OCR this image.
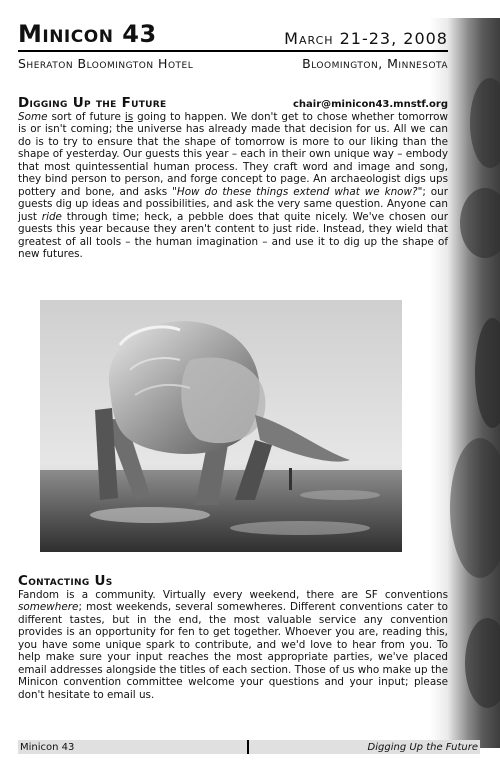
Minicon 43	March 21-23, 2008
Sheraton Bloomington Hotel	Bloomington, Minnesota
Digging Up the Future	chair@minicon43.mnstf.org
Some sort of future is going to happen. We don't get to chose whether tomorrow is or isn't coming; the universe has already made that decision for us. All we can do is to try to ensure that the shape of tomorrow is more to our liking than the shape of yesterday. Our guests this year – each in their own unique way – embody that most quintessential human process. They craft word and image and song, they bind person to person, and forge concept to page. An archaeologist digs ups pottery and bone, and asks "How do these things extend what we know?"; our guests dig up ideas and possibilities, and ask the very same question. Anyone can just ride through time; heck, a pebble does that quite nicely. We've chosen our guests this year because they aren't content to just ride. Instead, they wield that greatest of all tools – the human imagination – and use it to dig up the shape of new futures.
Contacting Us
Fandom is a community. Virtually every weekend, there are SF conventions somewhere; most weekends, several somewheres. Different conventions cater to different tastes, but in the end, the most valuable service any convention provides is an opportunity for fen to get together. Whoever you are, reading this, you have some unique spark to contribute, and we'd love to hear from you. To help make sure your input reaches the most appropriate parties, we've placed email addresses alongside the titles of each section. Those of us who make up the Minicon convention committee welcome your questions and your input; please don't hesitate to email us.
Minicon 43	Digging Up the Future
